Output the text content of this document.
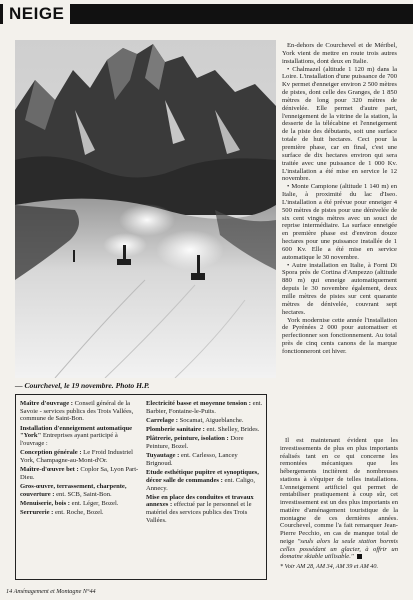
NEIGE
— Courchevel, le 19 novembre. Photo H.P.

En-dehors de Courchevel et de Méribel, York vient de mettre en route trois autres installations, dont deux en Italie.

• Chalmazel (altitude 1 120 m) dans la Loire. L'installation d'une puissance de 700 Kv permet d'enneiger environ 2 500 mètres de pistes, dont celle des Granges, de 1 850 mètres de long pour 320 mètres de dénivelée. Elle permet d'autre part, l'enneigement de la vitrine de la station, la desserte de la télécabine et l'enneigement de la piste des débutants, soit une surface totale de huit hectares. Ceci pour la première phase, car en final, c'est une surface de dix hectares environ qui sera traitée avec une puissance de 1 000 Kv. L'installation a été mise en service le 12 novembre.

• Monte Campione (altitude 1 140 m) en Italie, à proximité du lac d'Iseo. L'installation a été prévue pour enneiger 4 500 mètres de pistes pour une dénivelée de six cent vingts mètres avec un souci de reprise intermédiaire. La surface enneigée en première phase est d'environ douze hectares pour une puissance installée de 1 600 Kv. Elle a été mise en service automatique le 30 novembre.

• Autre installation en Italie, à Forni Di Spora près de Cortina d'Ampezzo (altitude 880 m) qui enneige automatiquement depuis le 30 novembre également, deux mille mètres de pistes sur cent quarante mètres de dénivelée, couvrant sept hectares.

York modernise cette année l'installation de Pyrénées 2 000 pour automatiser et perfectionner son fonctionnement. Au total près de cinq cents canons de la marque fonctionneront cet hiver.

Maître d'ouvrage : Conseil général de la Savoie - services publics des Trois Vallées, commune de Saint-Bon.

Installation d'enneigement automatique "York" Entreprises ayant participé à l'ouvrage :

Conception générale : Le Froid Industriel York, Champagne-au-Mont-d'Or.

Maître-d'œuvre bet : Coplor Sa, Lyon Part-Dieu.

Gros-œuvre, terrassement, charpente, couverture : ent. SCB, Saint-Bon.

Menuiserie, bois : ent. Léger, Bozel.

Serrurerie : ent. Roche, Bozel.

Electricité basse et moyenne tension : ent. Barbier, Fontaine-le-Puits.

Carrelage : Socamat, Aigueblanche.

Plomberie sanitaire : ent. Shelley, Brides.

Plâtrerie, peinture, isolation : Dore Peinture, Bozel.

Tuyautage : ent. Carlesso, Lancey Brignoud.

Etude esthétique pupitre et synoptiques, décor salle de commandes : ent. Caligo, Annecy.

Mise en place des conduites et travaux annexes : effectué par le personnel et le matériel des services publics des Trois Vallées.

Il est maintenant évident que les investissements de plus en plus importants réalisés tant en ce qui concerne les remontées mécaniques que les hébergements incitèrent de nombreuses stations à s'équiper de telles installations. L'enneigement artificiel qui permet de rentabiliser pratiquement à coup sûr, cet investissement est un des plus importants en matière d'aménagement touristique de la montagne de ces dernières années. Courchevel, comme l'a fait remarquer Jean-Pierre Pecchio, en cas de manque total de neige "seuls alors la seule station hormis celles possédant un glacier, à offrir un domaine skiable utilisable."

* Voir AM 28, AM 34, AM 39 et AM 40.

14 Aménagement et Montagne N°44
